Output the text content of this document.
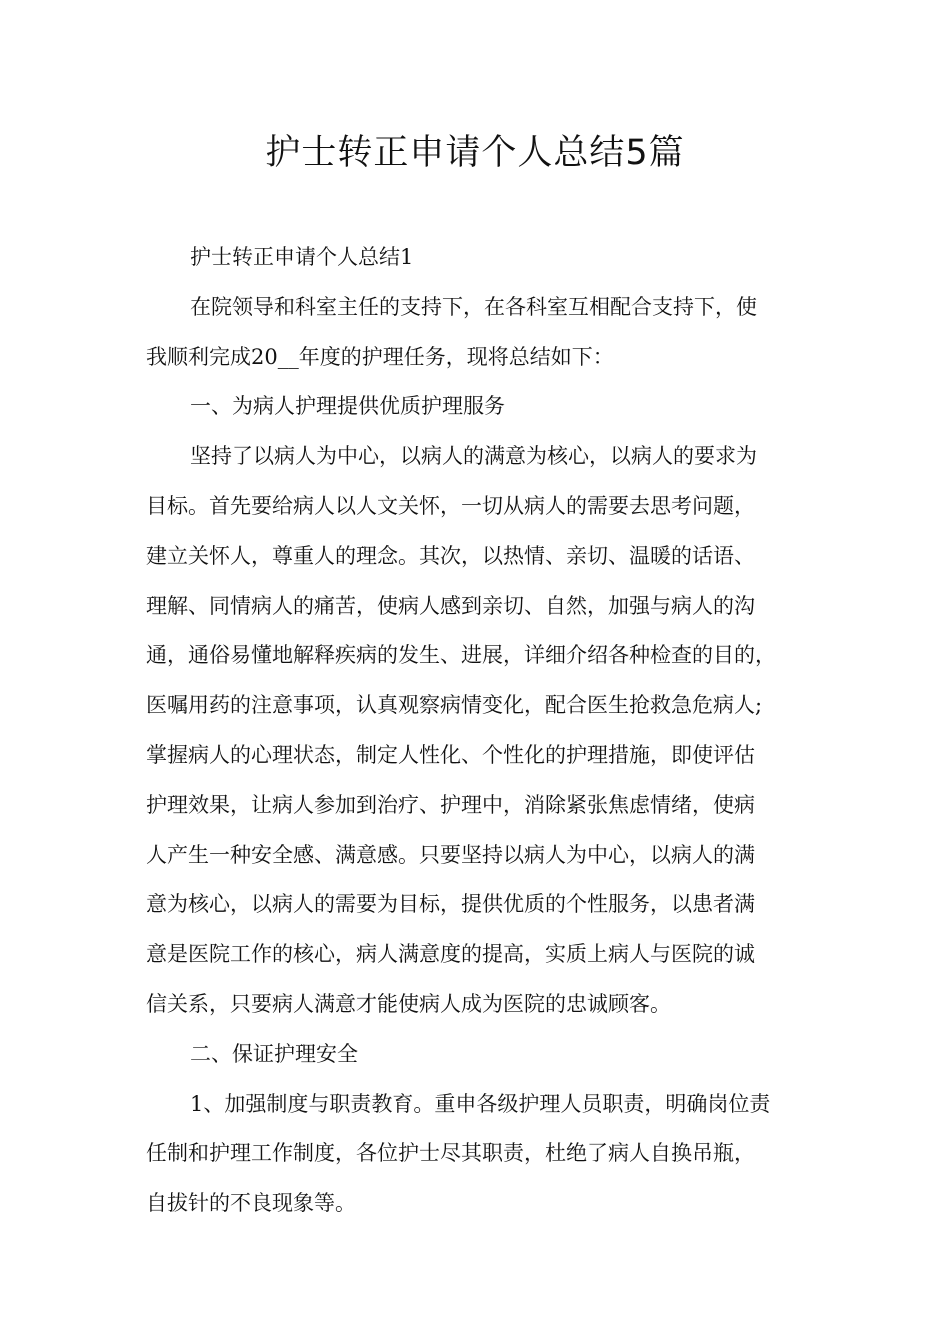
护士转正申请个人总结5篇

护士转正申请个人总结1

在院领导和科室主任的支持下，在各科室互相配合支持下，使

我顺利完成20__年度的护理任务，现将总结如下：

一、为病人护理提供优质护理服务

坚持了以病人为中心，以病人的满意为核心，以病人的要求为

目标。首先要给病人以人文关怀，一切从病人的需要去思考问题，

建立关怀人，尊重人的理念。其次，以热情、亲切、温暖的话语、

理解、同情病人的痛苦，使病人感到亲切、自然，加强与病人的沟

通，通俗易懂地解释疾病的发生、进展，详细介绍各种检查的目的，

医嘱用药的注意事项，认真观察病情变化，配合医生抢救急危病人;

掌握病人的心理状态，制定人性化、个性化的护理措施，即使评估

护理效果，让病人参加到治疗、护理中，消除紧张焦虑情绪，使病

人产生一种安全感、满意感。只要坚持以病人为中心，以病人的满

意为核心，以病人的需要为目标，提供优质的个性服务，以患者满

意是医院工作的核心，病人满意度的提高，实质上病人与医院的诚

信关系，只要病人满意才能使病人成为医院的忠诚顾客。

二、保证护理安全

1、加强制度与职责教育。重申各级护理人员职责，明确岗位责

任制和护理工作制度，各位护士尽其职责，杜绝了病人自换吊瓶，

自拔针的不良现象等。
